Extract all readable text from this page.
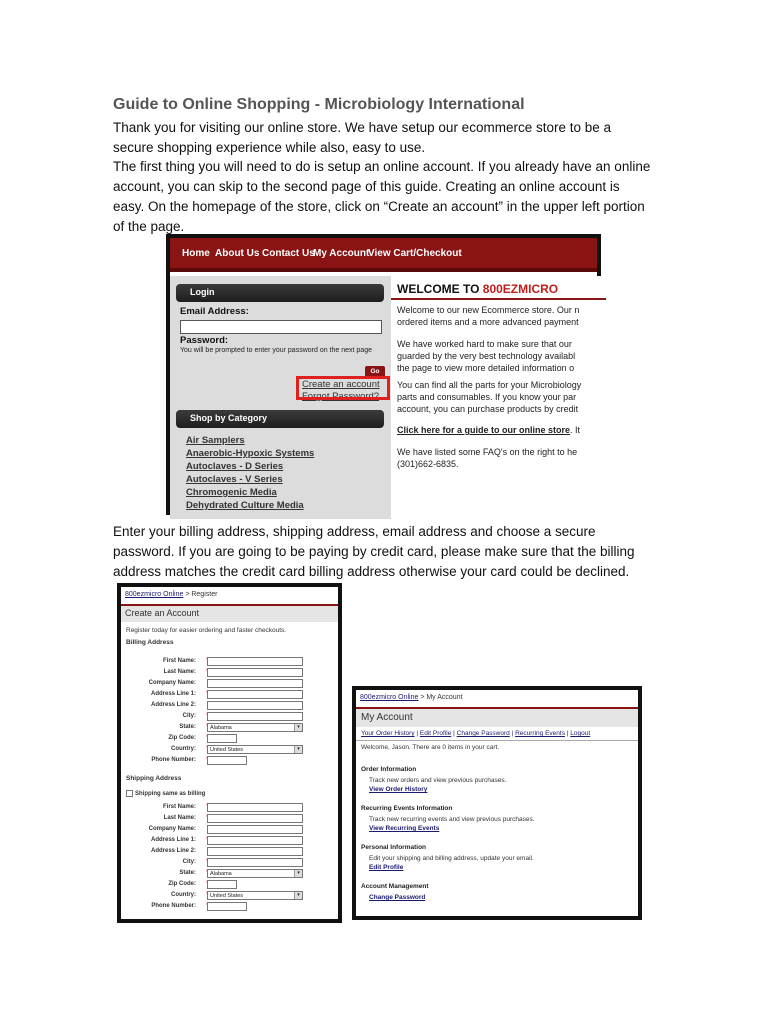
Guide to Online Shopping - Microbiology International
Thank you for visiting our online store. We have setup our ecommerce store to be a secure shopping experience while also, easy to use.
The first thing you will need to do is setup an online account. If you already have an online account, you can skip to the second page of this guide. Creating an online account is easy. On the homepage of the store, click on “Create an account” in the upper left portion of the page.
Home About Us Contact Us
My Account
View Cart/Checkout
Login
Email Address:
Password:
You will be prompted to enter your password on the next page
Go
Create an account
Forgot Password?
Shop by Category
Air Samplers
Anaerobic-Hypoxic Systems
Autoclaves - D Series
Autoclaves - V Series
Chromogenic Media
Dehydrated Culture Media
WELCOME TO 800EZMICRO
Welcome to our new Ecommerce store. Our n
ordered items and a more advanced payment
We have worked hard to make sure that our
guarded by the very best technology availabl
the page to view more detailed information o
You can find all the parts for your Microbiology
parts and consumables. If you know your par
account, you can purchase products by credit
Click here for a guide to our online store. It
We have listed some FAQ's on the right to he
(301)662-6835.
Enter your billing address, shipping address, email address and choose a secure password. If you are going to be paying by credit card, please make sure that the billing address matches the credit card billing address otherwise your card could be declined.
800ezmicro Online > Register
Create an Account
Register today for easier ordering and faster checkouts.
Billing Address
First Name:
Last Name:
Company Name:
Address Line 1:
Address Line 2:
City:
State:	Alabama	▾
Zip Code:
Country:	United States	▾
Phone Number:
Shipping Address
Shipping same as billing
First Name:
Last Name:
Company Name:
Address Line 1:
Address Line 2:
City:
State:	Alabama	▾
Zip Code:
Country:	United States	▾
Phone Number:
800ezmicro Online > My Account
My Account
Your Order History | Edit Profile | Change Password | Recurring Events | Logout
Welcome, Jason. There are 0 items in your cart.
Order Information
Track new orders and view previous purchases.
View Order History
Recurring Events Information
Track new recurring events and view previous purchases.
View Recurring Events
Personal Information
Edit your shipping and billing address, update your email.
Edit Profile
Account Management
Change Password
